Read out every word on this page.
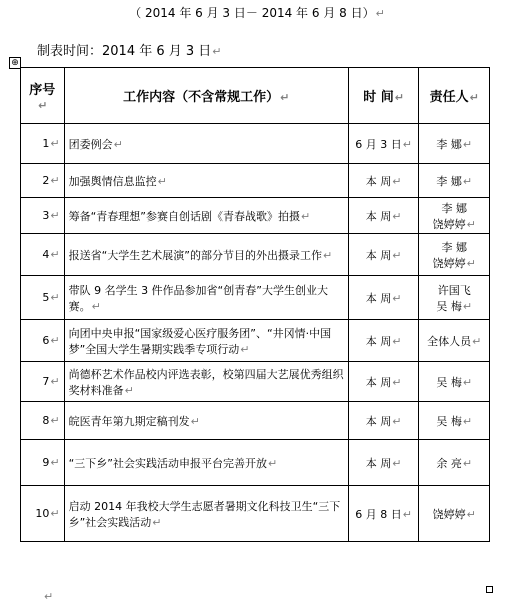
（ 2014 年 6 月 3 日－ 2014 年 6 月 8 日）↵
制表时间：2014 年 6 月 3 日↵
⊕
序号↵	工作内容（不含常规工作）↵	时 间↵	责任人↵
1↵	团委例会↵	6 月 3 日↵	李 娜↵
2↵	加强舆情信息监控↵	本 周↵	李 娜↵
3↵	筹备“青春理想”参赛自创话剧《青春战歌》拍摄↵	本 周↵	李 娜
饶婷婷↵
4↵	报送省“大学生艺术展演”的部分节目的外出摄录工作↵	本 周↵	李 娜
饶婷婷↵
5↵	带队 9 名学生 3 件作品参加省“创青春”大学生创业大赛。↵	本 周↵	许国飞
吴 梅↵
6↵	向团中央申报“国家级爱心医疗服务团”、“井冈情·中国梦”全国大学生暑期实践季专项行动↵	本 周↵	全体人员↵
7↵	尚德杯艺术作品校内评选表彰，校第四届大艺展优秀组织奖材料准备↵	本 周↵	吴 梅↵
8↵	皖医青年第九期定稿刊发↵	本 周↵	吴 梅↵
9↵	“三下乡”社会实践活动申报平台完善开放↵	本 周↵	余 亮↵
10↵	启动 2014 年我校大学生志愿者暑期文化科技卫生“三下乡”社会实践活动↵	6 月 8 日↵	饶婷婷↵
↵
